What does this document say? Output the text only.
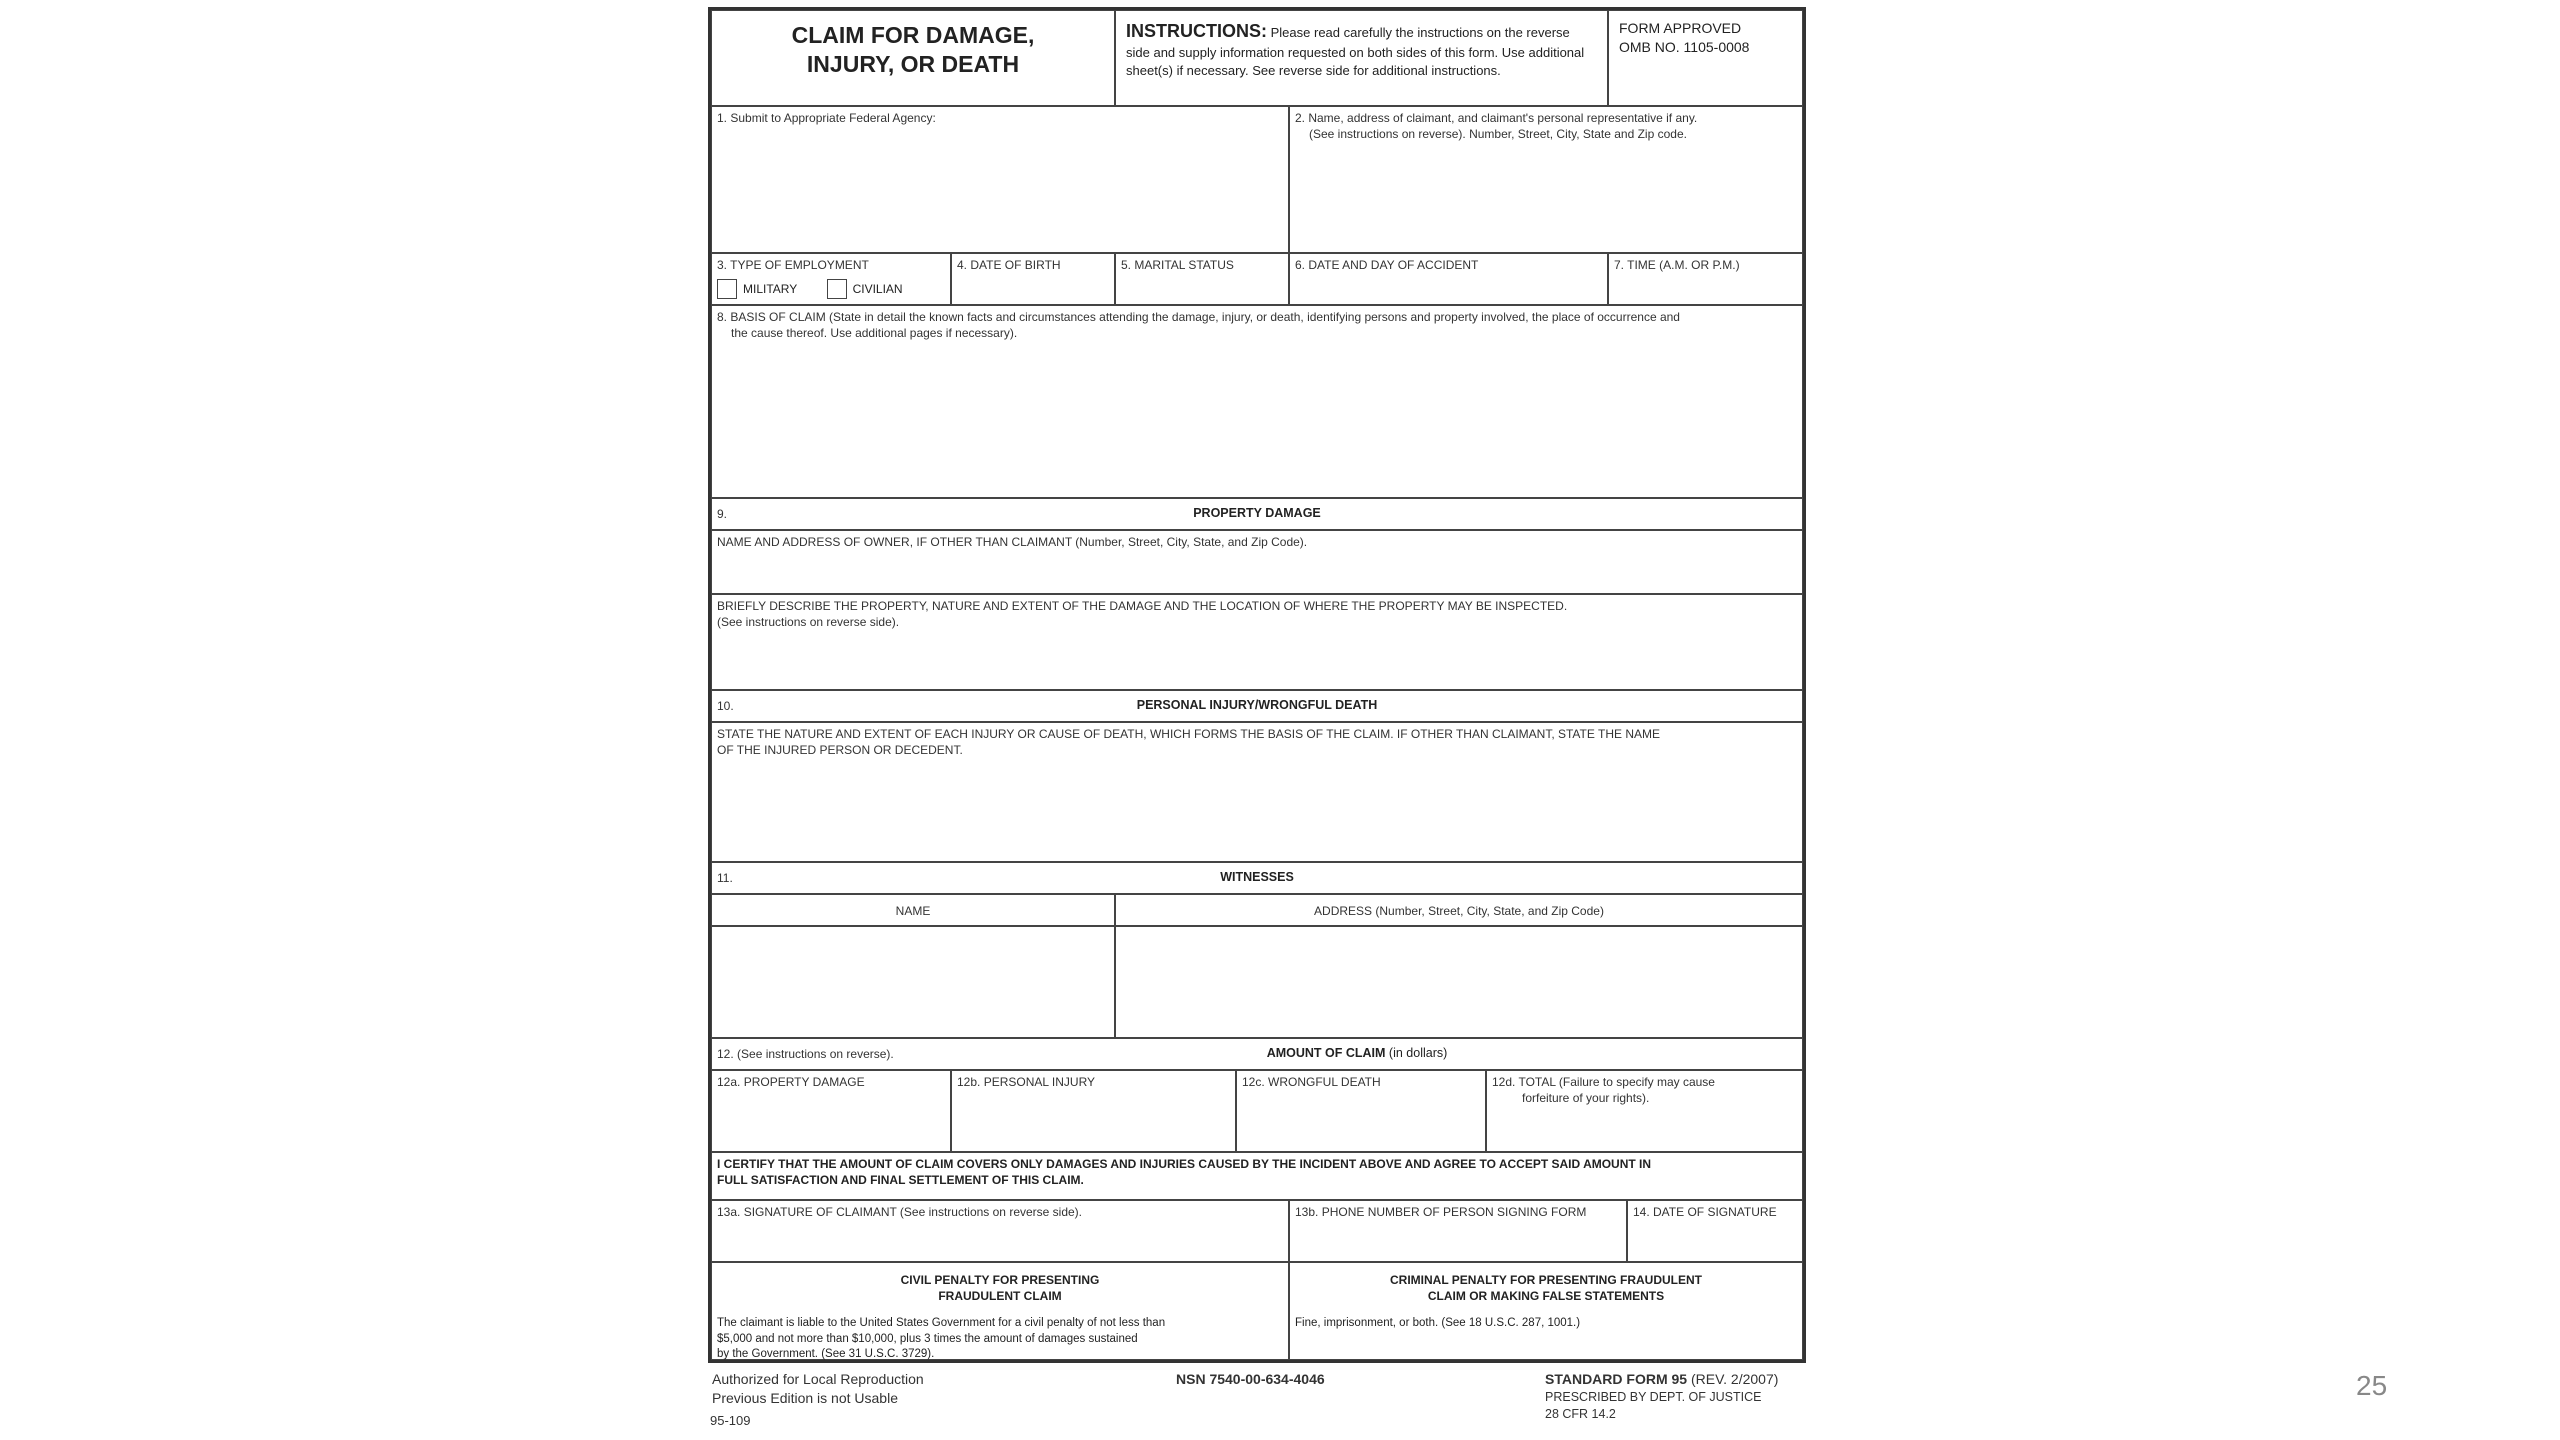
CLAIM FOR DAMAGE,
INJURY, OR DEATH
INSTRUCTIONS: Please read carefully the instructions on the reverse side and supply information requested on both sides of this form. Use additional sheet(s) if necessary. See reverse side for additional instructions.
FORM APPROVED
OMB NO. 1105-0008
1. Submit to Appropriate Federal Agency:	2. Name, address of claimant, and claimant's personal representative if any.
(See instructions on reverse). Number, Street, City, State and Zip code.
3. TYPE OF EMPLOYMENT
MILITARY	CIVILIAN
4. DATE OF BIRTH	5. MARITAL STATUS	6. DATE AND DAY OF ACCIDENT	7. TIME (A.M. OR P.M.)
8. BASIS OF CLAIM (State in detail the known facts and circumstances attending the damage, injury, or death, identifying persons and property involved, the place of occurrence and
the cause thereof. Use additional pages if necessary).
9.	PROPERTY DAMAGE
NAME AND ADDRESS OF OWNER, IF OTHER THAN CLAIMANT (Number, Street, City, State, and Zip Code).
BRIEFLY DESCRIBE THE PROPERTY, NATURE AND EXTENT OF THE DAMAGE AND THE LOCATION OF WHERE THE PROPERTY MAY BE INSPECTED.
(See instructions on reverse side).
10.	PERSONAL INJURY/WRONGFUL DEATH
STATE THE NATURE AND EXTENT OF EACH INJURY OR CAUSE OF DEATH, WHICH FORMS THE BASIS OF THE CLAIM. IF OTHER THAN CLAIMANT, STATE THE NAME
OF THE INJURED PERSON OR DECEDENT.
11.	WITNESSES
NAME	ADDRESS (Number, Street, City, State, and Zip Code)
12. (See instructions on reverse).	AMOUNT OF CLAIM (in dollars)
12a. PROPERTY DAMAGE	12b. PERSONAL INJURY	12c. WRONGFUL DEATH	12d. TOTAL (Failure to specify may cause
forfeiture of your rights).
I CERTIFY THAT THE AMOUNT OF CLAIM COVERS ONLY DAMAGES AND INJURIES CAUSED BY THE INCIDENT ABOVE AND AGREE TO ACCEPT SAID AMOUNT IN
FULL SATISFACTION AND FINAL SETTLEMENT OF THIS CLAIM.
13a. SIGNATURE OF CLAIMANT (See instructions on reverse side).	13b. PHONE NUMBER OF PERSON SIGNING FORM	14. DATE OF SIGNATURE
CIVIL PENALTY FOR PRESENTING
FRAUDULENT CLAIM
The claimant is liable to the United States Government for a civil penalty of not less than
$5,000 and not more than $10,000, plus 3 times the amount of damages sustained
by the Government. (See 31 U.S.C. 3729).
CRIMINAL PENALTY FOR PRESENTING FRAUDULENT
CLAIM OR MAKING FALSE STATEMENTS
Fine, imprisonment, or both. (See 18 U.S.C. 287, 1001.)
Authorized for Local Reproduction
Previous Edition is not Usable
95-109
NSN 7540-00-634-4046	STANDARD FORM 95 (REV. 2/2007)
PRESCRIBED BY DEPT. OF JUSTICE
28 CFR 14.2
25
